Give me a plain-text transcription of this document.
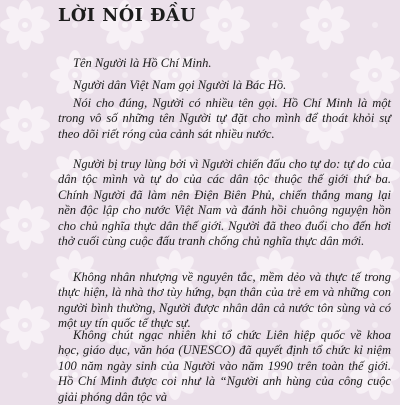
LỜI NÓI ĐẦU

Tên Người là Hồ Chí Minh.

Người dân Việt Nam gọi Người là Bác Hồ.

Nói cho đúng, Người có nhiều tên gọi. Hồ Chí Minh là một trong vô số những tên Người tự đặt cho mình để thoát khỏi sự theo dõi riết róng của cảnh sát nhiều nước.

Người bị truy lùng bởi vì Người chiến đấu cho tự do: tự do của dân tộc mình và tự do của các dân tộc thuộc thế giới thứ ba. Chính Người đã làm nên Điện Biên Phủ, chiến thắng mang lại nền độc lập cho nước Việt Nam và đánh hồi chuông nguyện hồn cho chủ nghĩa thực dân thế giới. Người đã theo đuổi cho đến hơi thở cuối cùng cuộc đấu tranh chống chủ nghĩa thực dân mới.

Không nhân nhượng về nguyên tắc, mềm dẻo và thực tế trong thực hiện, là nhà thơ tùy hứng, bạn thân của trẻ em và những con người bình thường, Người được nhân dân cả nước tôn sùng và có một uy tín quốc tế thực sự.

Không chút ngạc nhiên khi tổ chức Liên hiệp quốc về khoa học, giáo dục, văn hóa (UNESCO) đã quyết định tổ chức kỉ niệm 100 năm ngày sinh của Người vào năm 1990 trên toàn thế giới. Hồ Chí Minh được coi như là “Người anh hùng của công cuộc giải phóng dân tộc và
